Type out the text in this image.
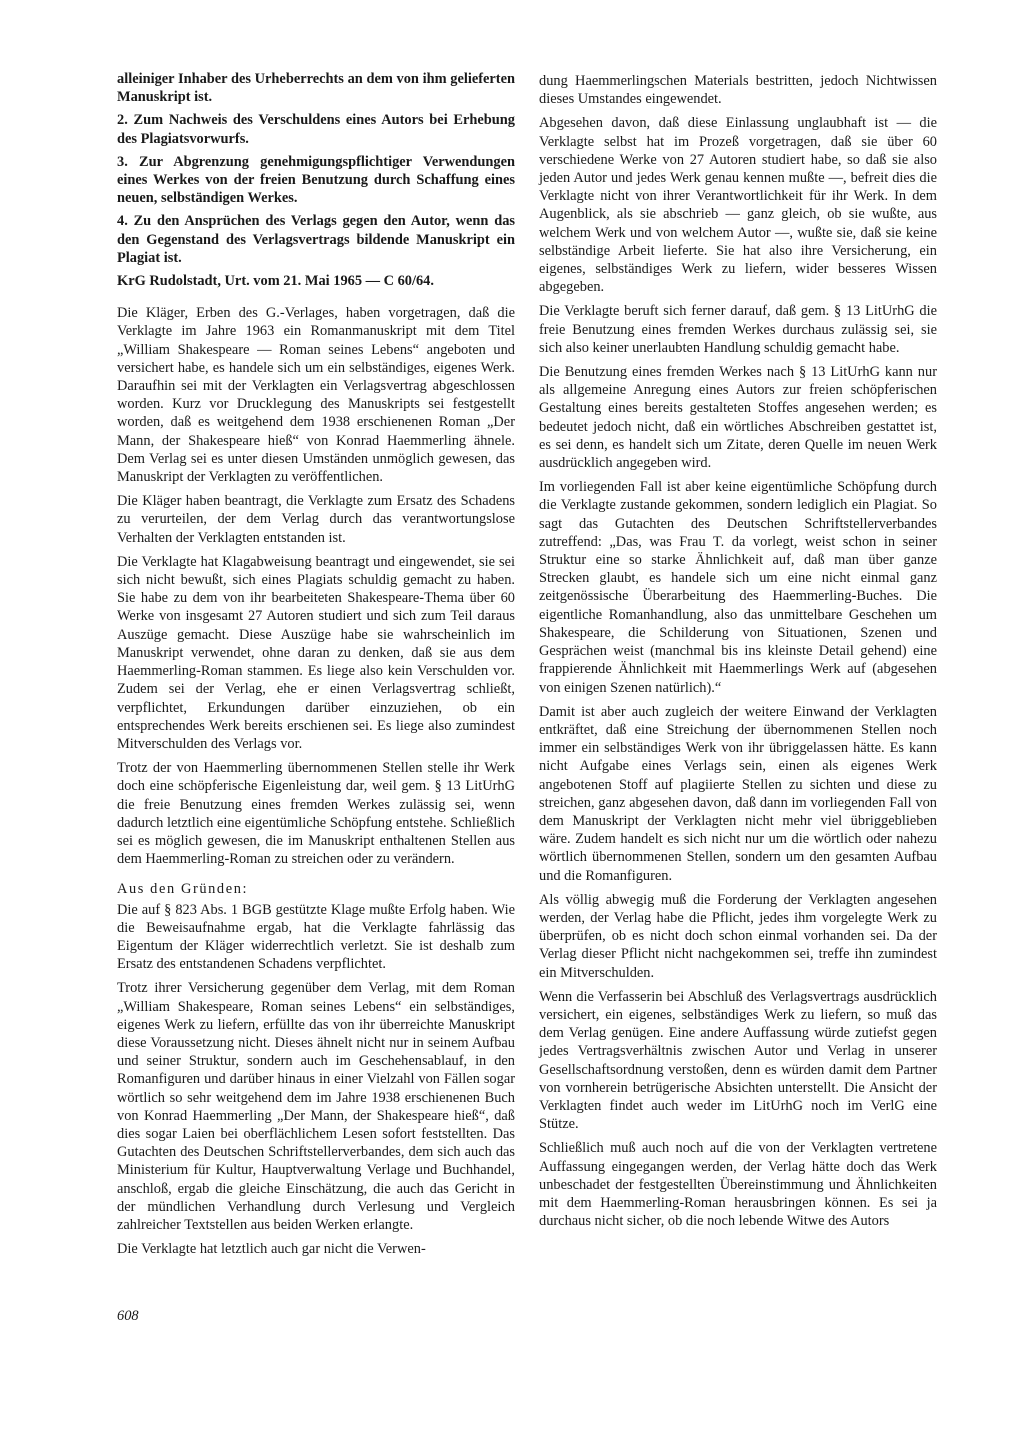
alleiniger Inhaber des Urheberrechts an dem von ihm gelieferten Manuskript ist.

2. Zum Nachweis des Verschuldens eines Autors bei Erhebung des Plagiatsvorwurfs.

3. Zur Abgrenzung genehmigungspflichtiger Verwendungen eines Werkes von der freien Benutzung durch Schaffung eines neuen, selbständigen Werkes.

4. Zu den Ansprüchen des Verlags gegen den Autor, wenn das den Gegenstand des Verlagsvertrags bildende Manuskript ein Plagiat ist.

KrG Rudolstadt, Urt. vom 21. Mai 1965 — C 60/64.

Die Kläger, Erben des G.-Verlages, haben vorgetragen, daß die Verklagte im Jahre 1963 ein Romanmanuskript mit dem Titel „William Shakespeare — Roman seines Lebens“ angeboten und versichert habe, es handele sich um ein selbständiges, eigenes Werk. Daraufhin sei mit der Verklagten ein Verlagsvertrag abgeschlossen worden. Kurz vor Drucklegung des Manuskripts sei festgestellt worden, daß es weitgehend dem 1938 erschienenen Roman „Der Mann, der Shakespeare hieß“ von Konrad Haemmerling ähnele. Dem Verlag sei es unter diesen Umständen unmöglich gewesen, das Manuskript der Verklagten zu veröffentlichen.

Die Kläger haben beantragt, die Verklagte zum Ersatz des Schadens zu verurteilen, der dem Verlag durch das verantwortungslose Verhalten der Verklagten entstanden ist.

Die Verklagte hat Klagabweisung beantragt und eingewendet, sie sei sich nicht bewußt, sich eines Plagiats schuldig gemacht zu haben. Sie habe zu dem von ihr bearbeiteten Shakespeare-Thema über 60 Werke von insgesamt 27 Autoren studiert und sich zum Teil daraus Auszüge gemacht. Diese Auszüge habe sie wahrscheinlich im Manuskript verwendet, ohne daran zu denken, daß sie aus dem Haemmerling-Roman stammen. Es liege also kein Verschulden vor. Zudem sei der Verlag, ehe er einen Verlagsvertrag schließt, verpflichtet, Erkundungen darüber einzuziehen, ob ein entsprechendes Werk bereits erschienen sei. Es liege also zumindest Mitverschulden des Verlags vor.

Trotz der von Haemmerling übernommenen Stellen stelle ihr Werk doch eine schöpferische Eigenleistung dar, weil gem. § 13 LitUrhG die freie Benutzung eines fremden Werkes zulässig sei, wenn dadurch letztlich eine eigentümliche Schöpfung entstehe. Schließlich sei es möglich gewesen, die im Manuskript enthaltenen Stellen aus dem Haemmerling-Roman zu streichen oder zu verändern.

Aus den Gründen:

Die auf § 823 Abs. 1 BGB gestützte Klage mußte Erfolg haben. Wie die Beweisaufnahme ergab, hat die Verklagte fahrlässig das Eigentum der Kläger widerrechtlich verletzt. Sie ist deshalb zum Ersatz des entstandenen Schadens verpflichtet.

Trotz ihrer Versicherung gegenüber dem Verlag, mit dem Roman „William Shakespeare, Roman seines Lebens“ ein selbständiges, eigenes Werk zu liefern, erfüllte das von ihr überreichte Manuskript diese Voraussetzung nicht. Dieses ähnelt nicht nur in seinem Aufbau und seiner Struktur, sondern auch im Geschehensablauf, in den Romanfiguren und darüber hinaus in einer Vielzahl von Fällen sogar wörtlich so sehr weitgehend dem im Jahre 1938 erschienenen Buch von Konrad Haemmerling „Der Mann, der Shakespeare hieß“, daß dies sogar Laien bei oberflächlichem Lesen sofort feststellten. Das Gutachten des Deutschen Schriftstellerverbandes, dem sich auch das Ministerium für Kultur, Hauptverwaltung Verlage und Buchhandel, anschloß, ergab die gleiche Einschätzung, die auch das Gericht in der mündlichen Verhandlung durch Verlesung und Vergleich zahlreicher Textstellen aus beiden Werken erlangte.

Die Verklagte hat letztlich auch gar nicht die Verwen-

dung Haemmerlingschen Materials bestritten, jedoch Nichtwissen dieses Umstandes eingewendet.

Abgesehen davon, daß diese Einlassung unglaubhaft ist — die Verklagte selbst hat im Prozeß vorgetragen, daß sie über 60 verschiedene Werke von 27 Autoren studiert habe, so daß sie also jeden Autor und jedes Werk genau kennen mußte —, befreit dies die Verklagte nicht von ihrer Verantwortlichkeit für ihr Werk. In dem Augenblick, als sie abschrieb — ganz gleich, ob sie wußte, aus welchem Werk und von welchem Autor —, wußte sie, daß sie keine selbständige Arbeit lieferte. Sie hat also ihre Versicherung, ein eigenes, selbständiges Werk zu liefern, wider besseres Wissen abgegeben.

Die Verklagte beruft sich ferner darauf, daß gem. § 13 LitUrhG die freie Benutzung eines fremden Werkes durchaus zulässig sei, sie sich also keiner unerlaubten Handlung schuldig gemacht habe.

Die Benutzung eines fremden Werkes nach § 13 LitUrhG kann nur als allgemeine Anregung eines Autors zur freien schöpferischen Gestaltung eines bereits gestalteten Stoffes angesehen werden; es bedeutet jedoch nicht, daß ein wörtliches Abschreiben gestattet ist, es sei denn, es handelt sich um Zitate, deren Quelle im neuen Werk ausdrücklich angegeben wird.

Im vorliegenden Fall ist aber keine eigentümliche Schöpfung durch die Verklagte zustande gekommen, sondern lediglich ein Plagiat. So sagt das Gutachten des Deutschen Schriftstellerverbandes zutreffend: „Das, was Frau T. da vorlegt, weist schon in seiner Struktur eine so starke Ähnlichkeit auf, daß man über ganze Strecken glaubt, es handele sich um eine nicht einmal ganz zeitgenössische Überarbeitung des Haemmerling-Buches. Die eigentliche Romanhandlung, also das unmittelbare Geschehen um Shakespeare, die Schilderung von Situationen, Szenen und Gesprächen weist (manchmal bis ins kleinste Detail gehend) eine frappierende Ähnlichkeit mit Haemmerlings Werk auf (abgesehen von einigen Szenen natürlich).“

Damit ist aber auch zugleich der weitere Einwand der Verklagten entkräftet, daß eine Streichung der übernommenen Stellen noch immer ein selbständiges Werk von ihr übriggelassen hätte. Es kann nicht Aufgabe eines Verlags sein, einen als eigenes Werk angebotenen Stoff auf plagiierte Stellen zu sichten und diese zu streichen, ganz abgesehen davon, daß dann im vorliegenden Fall von dem Manuskript der Verklagten nicht mehr viel übriggeblieben wäre. Zudem handelt es sich nicht nur um die wörtlich oder nahezu wörtlich übernommenen Stellen, sondern um den gesamten Aufbau und die Romanfiguren.

Als völlig abwegig muß die Forderung der Verklagten angesehen werden, der Verlag habe die Pflicht, jedes ihm vorgelegte Werk zu überprüfen, ob es nicht doch schon einmal vorhanden sei. Da der Verlag dieser Pflicht nicht nachgekommen sei, treffe ihn zumindest ein Mitverschulden.

Wenn die Verfasserin bei Abschluß des Verlagsvertrags ausdrücklich versichert, ein eigenes, selbständiges Werk zu liefern, so muß das dem Verlag genügen. Eine andere Auffassung würde zutiefst gegen jedes Vertragsverhältnis zwischen Autor und Verlag in unserer Gesellschaftsordnung verstoßen, denn es würden damit dem Partner von vornherein betrügerische Absichten unterstellt. Die Ansicht der Verklagten findet auch weder im LitUrhG noch im VerlG eine Stütze.

Schließlich muß auch noch auf die von der Verklagten vertretene Auffassung eingegangen werden, der Verlag hätte doch das Werk unbeschadet der festgestellten Übereinstimmung und Ähnlichkeiten mit dem Haemmerling-Roman herausbringen können. Es sei ja durchaus nicht sicher, ob die noch lebende Witwe des Autors

608
